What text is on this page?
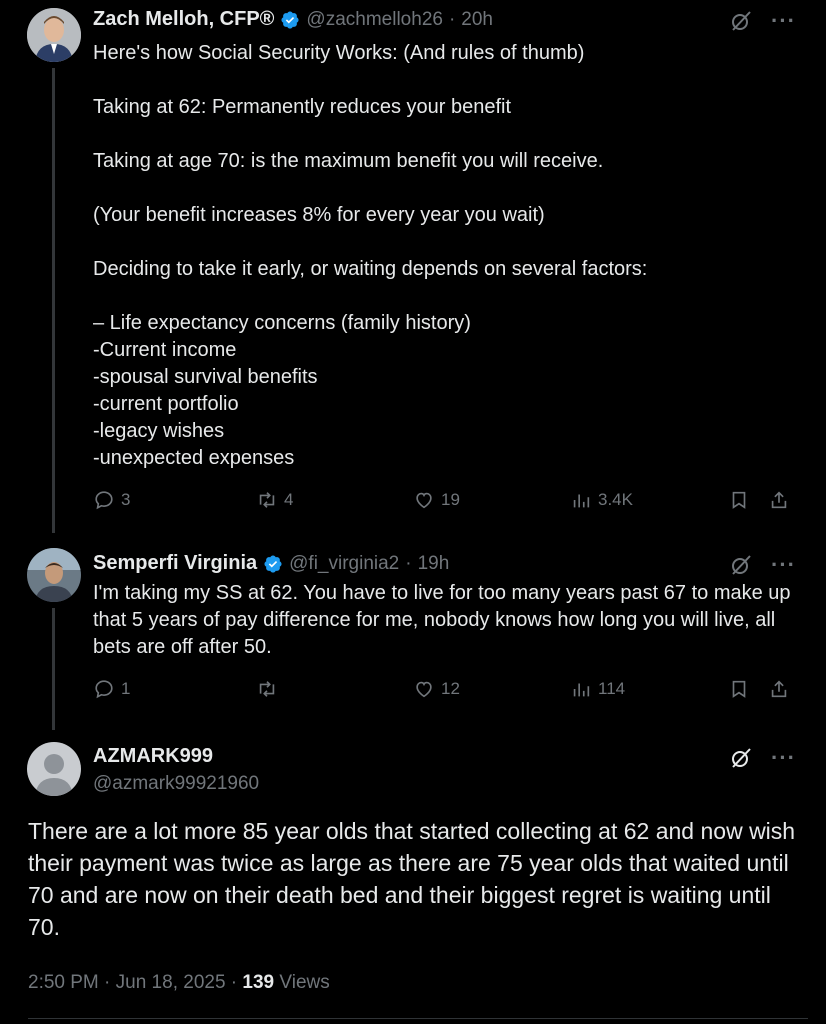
Zach Melloh, CFP® @zachmelloh26 · 20h	···
Here's how Social Security Works: (And rules of thumb)

Taking at 62: Permanently reduces your benefit

Taking at age 70: is the maximum benefit you will receive.

(Your benefit increases 8% for every year you wait)

Deciding to take it early, or waiting depends on several factors:

– Life expectancy concerns (family history)
-Current income
-spousal survival benefits
-current portfolio
-legacy wishes
-unexpected expenses
3	4	19	3.4K
Semperfi Virginia @fi_virginia2 · 19h	···
I'm taking my SS at 62. You have to live for too many years past 67 to make up that 5 years of pay difference for me, nobody knows how long you will live, all bets are off after 50.
1	12	114
AZMARK999
@azmark99921960
···
There are a lot more 85 year olds that started collecting at 62 and now wish their payment was twice as large as there are 75 year olds that waited until 70 and are now on their death bed and their biggest regret is waiting until 70.
2:50 PM · Jun 18, 2025 · 139 Views
